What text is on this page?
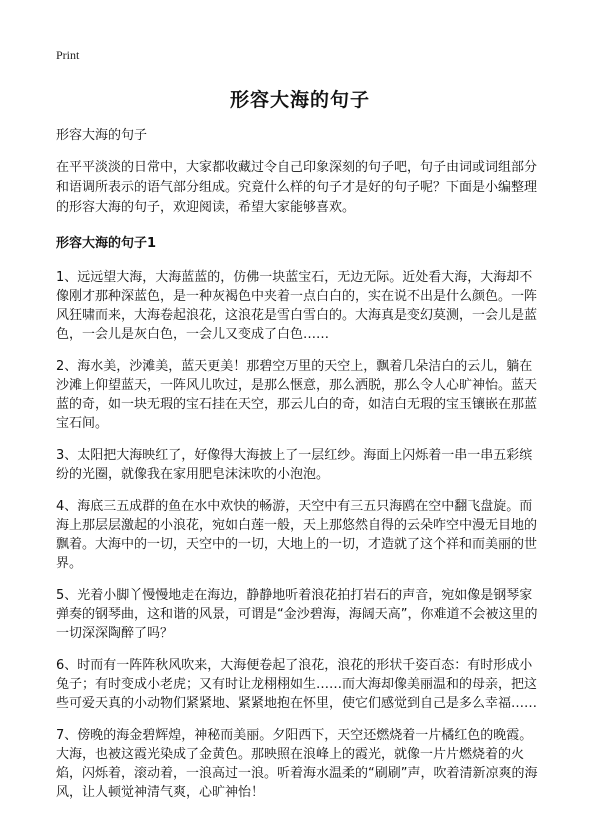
Print
形容大海的句子

形容大海的句子

在平平淡淡的日常中，大家都收藏过令自己印象深刻的句子吧，句子由词或词组部分和语调所表示的语气部分组成。究竟什么样的句子才是好的句子呢？下面是小编整理的形容大海的句子，欢迎阅读，希望大家能够喜欢。

形容大海的句子1

1、远远望大海，大海蓝蓝的，仿佛一块蓝宝石，无边无际。近处看大海，大海却不像刚才那种深蓝色，是一种灰褐色中夹着一点白白的，实在说不出是什么颜色。一阵风狂啸而来，大海卷起浪花，这浪花是雪白雪白的。大海真是变幻莫测，一会儿是蓝色，一会儿是灰白色，一会儿又变成了白色……

2、海水美，沙滩美，蓝天更美！那碧空万里的天空上，飘着几朵洁白的云儿，躺在沙滩上仰望蓝天，一阵风儿吹过，是那么惬意，那么洒脱，那么令人心旷神怡。蓝天蓝的奇，如一块无瑕的宝石挂在天空，那云儿白的奇，如洁白无瑕的宝玉镶嵌在那蓝宝石间。

3、太阳把大海映红了，好像得大海披上了一层红纱。海面上闪烁着一串一串五彩缤纷的光圈，就像我在家用肥皂沫沫吹的小泡泡。

4、海底三五成群的鱼在水中欢快的畅游，天空中有三五只海鸥在空中翻飞盘旋。而海上那层层激起的小浪花，宛如白莲一般，天上那悠然自得的云朵咋空中漫无目地的飘着。大海中的一切，天空中的一切，大地上的一切，才造就了这个祥和而美丽的世界。

5、光着小脚丫慢慢地走在海边，静静地听着浪花拍打岩石的声音，宛如像是钢琴家弹奏的钢琴曲，这和谐的风景，可谓是“金沙碧海，海阔天高”，你难道不会被这里的一切深深陶醉了吗？

6、时而有一阵阵秋风吹来，大海便卷起了浪花，浪花的形状千姿百态：有时形成小兔子；有时变成小老虎；又有时让龙栩栩如生……而大海却像美丽温和的母亲，把这些可爱天真的小动物们紧紧地、紧紧地抱在怀里，使它们感觉到自己是多么幸福……

7、傍晚的海金碧辉煌，神秘而美丽。夕阳西下，天空还燃烧着一片橘红色的晚霞。大海，也被这霞光染成了金黄色。那映照在浪峰上的霞光，就像一片片燃烧着的火焰，闪烁着，滚动着，一浪高过一浪。听着海水温柔的“刷刷”声，吹着清新凉爽的海风，让人顿觉神清气爽，心旷神怡！
